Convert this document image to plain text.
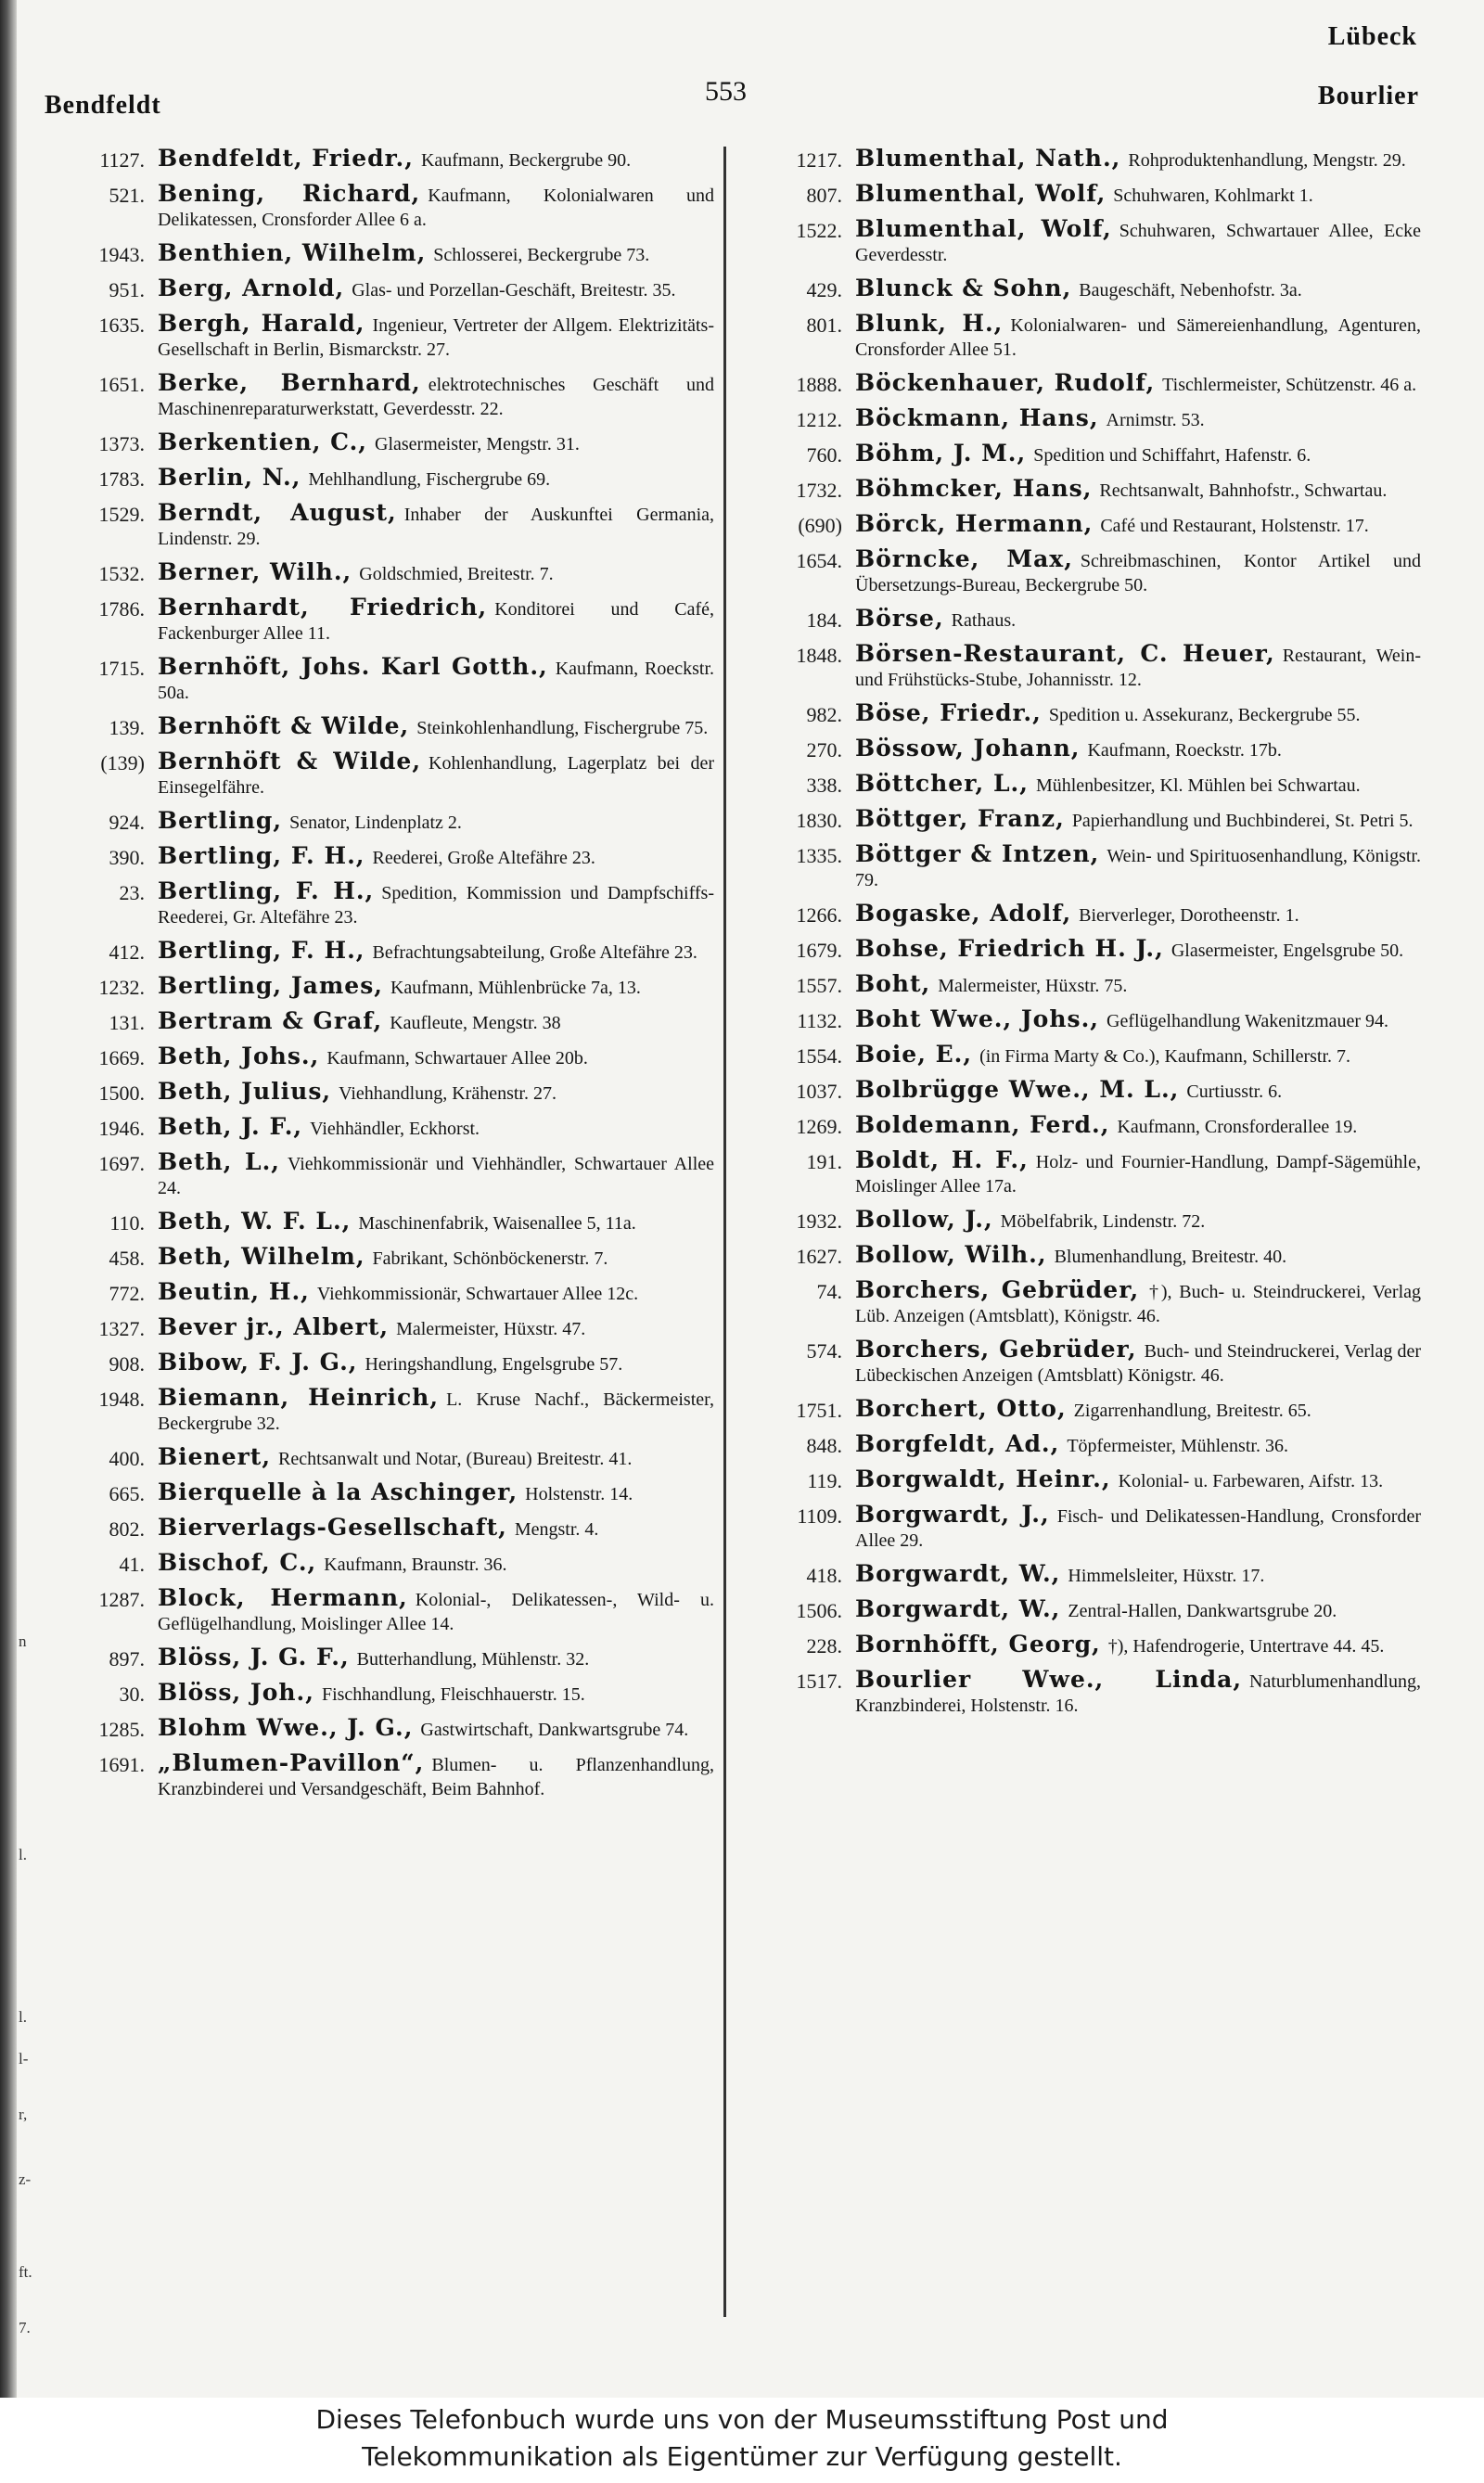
n
l.
l.
l-
r,
z-
ft.
7.
Lübeck
Bendfeldt	553	Bourlier
1127. Bendfeldt, Friedr., Kaufmann, Beckergrube 90.
521. Bening, Richard, Kaufmann, Kolonialwaren und Delikatessen, Cronsforder Allee 6 a.
1943. Benthien, Wilhelm, Schlosserei, Beckergrube 73.
951. Berg, Arnold, Glas- und Porzellan-Geschäft, Breitestr. 35.
1635. Bergh, Harald, Ingenieur, Vertreter der Allgem. Elektrizitäts-Gesellschaft in Berlin, Bismarckstr. 27.
1651. Berke, Bernhard, elektrotechnisches Geschäft und Maschinenreparaturwerkstatt, Geverdesstr. 22.
1373. Berkentien, C., Glasermeister, Mengstr. 31.
1783. Berlin, N., Mehlhandlung, Fischergrube 69.
1529. Berndt, August, Inhaber der Auskunftei Germania, Lindenstr. 29.
1532. Berner, Wilh., Goldschmied, Breitestr. 7.
1786. Bernhardt, Friedrich, Konditorei und Café, Fackenburger Allee 11.
1715. Bernhöft, Johs. Karl Gotth., Kaufmann, Roeckstr. 50a.
139. Bernhöft & Wilde, Steinkohlenhandlung, Fischergrube 75.
(139) Bernhöft & Wilde, Kohlenhandlung, Lagerplatz bei der Einsegelfähre.
924. Bertling, Senator, Lindenplatz 2.
390. Bertling, F. H., Reederei, Große Altefähre 23.
23. Bertling, F. H., Spedition, Kommission und Dampfschiffs-Reederei, Gr. Altefähre 23.
412. Bertling, F. H., Befrachtungsabteilung, Große Altefähre 23.
1232. Bertling, James, Kaufmann, Mühlenbrücke 7a, 13.
131. Bertram & Graf, Kaufleute, Mengstr. 38
1669. Beth, Johs., Kaufmann, Schwartauer Allee 20b.
1500. Beth, Julius, Viehhandlung, Krähenstr. 27.
1946. Beth, J. F., Viehhändler, Eckhorst.
1697. Beth, L., Viehkommissionär und Viehhändler, Schwartauer Allee 24.
110. Beth, W. F. L., Maschinenfabrik, Waisenallee 5, 11a.
458. Beth, Wilhelm, Fabrikant, Schönböckenerstr. 7.
772. Beutin, H., Viehkommissionär, Schwartauer Allee 12c.
1327. Bever jr., Albert, Malermeister, Hüxstr. 47.
908. Bibow, F. J. G., Heringshandlung, Engelsgrube 57.
1948. Biemann, Heinrich, L. Kruse Nachf., Bäckermeister, Beckergrube 32.
400. Bienert, Rechtsanwalt und Notar, (Bureau) Breitestr. 41.
665. Bierquelle à la Aschinger, Holstenstr. 14.
802. Bierverlags-Gesellschaft, Mengstr. 4.
41. Bischof, C., Kaufmann, Braunstr. 36.
1287. Block, Hermann, Kolonial-, Delikatessen-, Wild- u. Geflügelhandlung, Moislinger Allee 14.
897. Blöss, J. G. F., Butterhandlung, Mühlenstr. 32.
30. Blöss, Joh., Fischhandlung, Fleischhauerstr. 15.
1285. Blohm Wwe., J. G., Gastwirtschaft, Dankwartsgrube 74.
1691. „Blumen-Pavillon“, Blumen- u. Pflanzenhandlung, Kranzbinderei und Versandgeschäft, Beim Bahnhof.
1217. Blumenthal, Nath., Rohproduktenhandlung, Mengstr. 29.
807. Blumenthal, Wolf, Schuhwaren, Kohlmarkt 1.
1522. Blumenthal, Wolf, Schuhwaren, Schwartauer Allee, Ecke Geverdesstr.
429. Blunck & Sohn, Baugeschäft, Nebenhofstr. 3a.
801. Blunk, H., Kolonialwaren- und Sämereienhandlung, Agenturen, Cronsforder Allee 51.
1888. Böckenhauer, Rudolf, Tischlermeister, Schützenstr. 46 a.
1212. Böckmann, Hans, Arnimstr. 53.
760. Böhm, J. M., Spedition und Schiffahrt, Hafenstr. 6.
1732. Böhmcker, Hans, Rechtsanwalt, Bahnhofstr., Schwartau.
(690) Börck, Hermann, Café und Restaurant, Holstenstr. 17.
1654. Börncke, Max, Schreibmaschinen, Kontor Artikel und Übersetzungs-Bureau, Beckergrube 50.
184. Börse, Rathaus.
1848. Börsen-Restaurant, C. Heuer, Restaurant, Wein- und Frühstücks-Stube, Johannisstr. 12.
982. Böse, Friedr., Spedition u. Assekuranz, Beckergrube 55.
270. Bössow, Johann, Kaufmann, Roeckstr. 17b.
338. Böttcher, L., Mühlenbesitzer, Kl. Mühlen bei Schwartau.
1830. Böttger, Franz, Papierhandlung und Buchbinderei, St. Petri 5.
1335. Böttger & Intzen, Wein- und Spirituosenhandlung, Königstr. 79.
1266. Bogaske, Adolf, Bierverleger, Dorotheenstr. 1.
1679. Bohse, Friedrich H. J., Glasermeister, Engelsgrube 50.
1557. Boht, Malermeister, Hüxstr. 75.
1132. Boht Wwe., Johs., Geflügelhandlung Wakenitzmauer 94.
1554. Boie, E., (in Firma Marty & Co.), Kaufmann, Schillerstr. 7.
1037. Bolbrügge Wwe., M. L., Curtiusstr. 6.
1269. Boldemann, Ferd., Kaufmann, Cronsforderallee 19.
191. Boldt, H. F., Holz- und Fournier-Handlung, Dampf-Sägemühle, Moislinger Allee 17a.
1932. Bollow, J., Möbelfabrik, Lindenstr. 72.
1627. Bollow, Wilh., Blumenhandlung, Breitestr. 40.
74. Borchers, Gebrüder, †), Buch- u. Steindruckerei, Verlag Lüb. Anzeigen (Amtsblatt), Königstr. 46.
574. Borchers, Gebrüder, Buch- und Steindruckerei, Verlag der Lübeckischen Anzeigen (Amtsblatt) Königstr. 46.
1751. Borchert, Otto, Zigarrenhandlung, Breitestr. 65.
848. Borgfeldt, Ad., Töpfermeister, Mühlenstr. 36.
119. Borgwaldt, Heinr., Kolonial- u. Farbewaren, Aifstr. 13.
1109. Borgwardt, J., Fisch- und Delikatessen-Handlung, Cronsforder Allee 29.
418. Borgwardt, W., Himmelsleiter, Hüxstr. 17.
1506. Borgwardt, W., Zentral-Hallen, Dankwartsgrube 20.
228. Bornhöfft, Georg, †), Hafendrogerie, Untertrave 44. 45.
1517. Bourlier Wwe., Linda, Naturblumenhandlung, Kranzbinderei, Holstenstr. 16.
Dieses Telefonbuch wurde uns von der Museumsstiftung Post und
Telekommunikation als Eigentümer zur Verfügung gestellt.
